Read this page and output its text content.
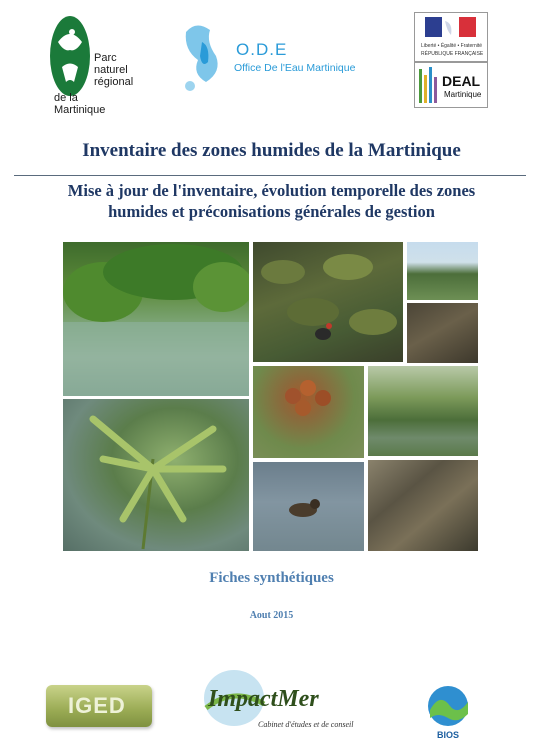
Parc
naturel
régional
de la Martinique
O.D.E
Office De l'Eau Martinique
Liberté • Égalité • Fraternité
RÉPUBLIQUE FRANÇAISE
DEAL
Martinique
Inventaire des zones humides de la Martinique
Mise à jour de l'inventaire, évolution temporelle des zones
humides et préconisations générales de gestion
Fiches synthétiques
Aout 2015
IGED	ImpactMer
Cabinet d'études et de conseil
BIOS
